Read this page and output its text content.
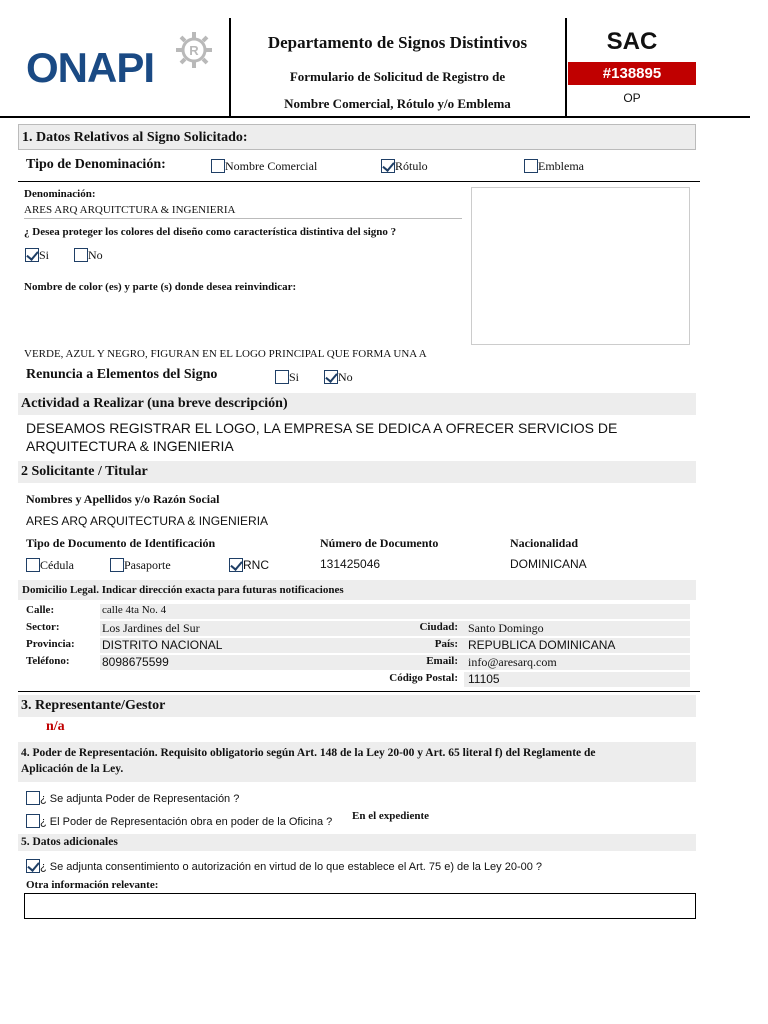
ONAPI	R	Departamento de Signos Distintivos
Formulario de Solicitud de Registro de
Nombre Comercial, Rótulo y/o Emblema
SAC
#138895
OP
1. Datos Relativos al Signo Solicitado:
Tipo de Denominación:	Nombre Comercial	Rótulo	Emblema
Denominación:
ARES ARQ ARQUITCTURA & INGENIERIA
¿ Desea proteger los colores del diseño como característica distintiva del signo ?
Si	No
Nombre de color (es) y parte (s) donde desea reinvindicar:
VERDE, AZUL Y NEGRO, FIGURAN EN EL LOGO PRINCIPAL QUE FORMA UNA A
Renuncia a Elementos del Signo	Si	No
Actividad a Realizar (una breve descripción)
DESEAMOS REGISTRAR EL LOGO, LA EMPRESA SE DEDICA A OFRECER SERVICIOS DE
ARQUITECTURA & INGENIERIA
2 Solicitante / Titular
Nombres y Apellidos y/o Razón Social
ARES ARQ ARQUITECTURA & INGENIERIA
Tipo de Documento de Identificación	Número de Documento	Nacionalidad
Cédula	Pasaporte	RNC	131425046	DOMINICANA
Domicilio Legal. Indicar dirección exacta para futuras notificaciones
Calle:	calle 4ta No. 4
Sector:	Los Jardines del Sur	Ciudad: Santo Domingo
Provincia: DISTRITO NACIONAL	País: REPUBLICA DOMINICANA
Teléfono:	8098675599	Email: info@aresarq.com
Código Postal: 11105
3. Representante/Gestor
n/a
4. Poder de Representación. Requisito obligatorio según Art. 148 de la Ley 20-00 y Art. 65 literal f) del Reglamente de
Aplicación de la Ley.
¿ Se adjunta Poder de Representación ?
¿ El Poder de Representación obra en poder de la Oficina ? En el expediente
5. Datos adicionales
¿ Se adjunta consentimiento o autorización en virtud de lo que establece el Art. 75 e) de la Ley 20-00 ?
Otra información relevante:
